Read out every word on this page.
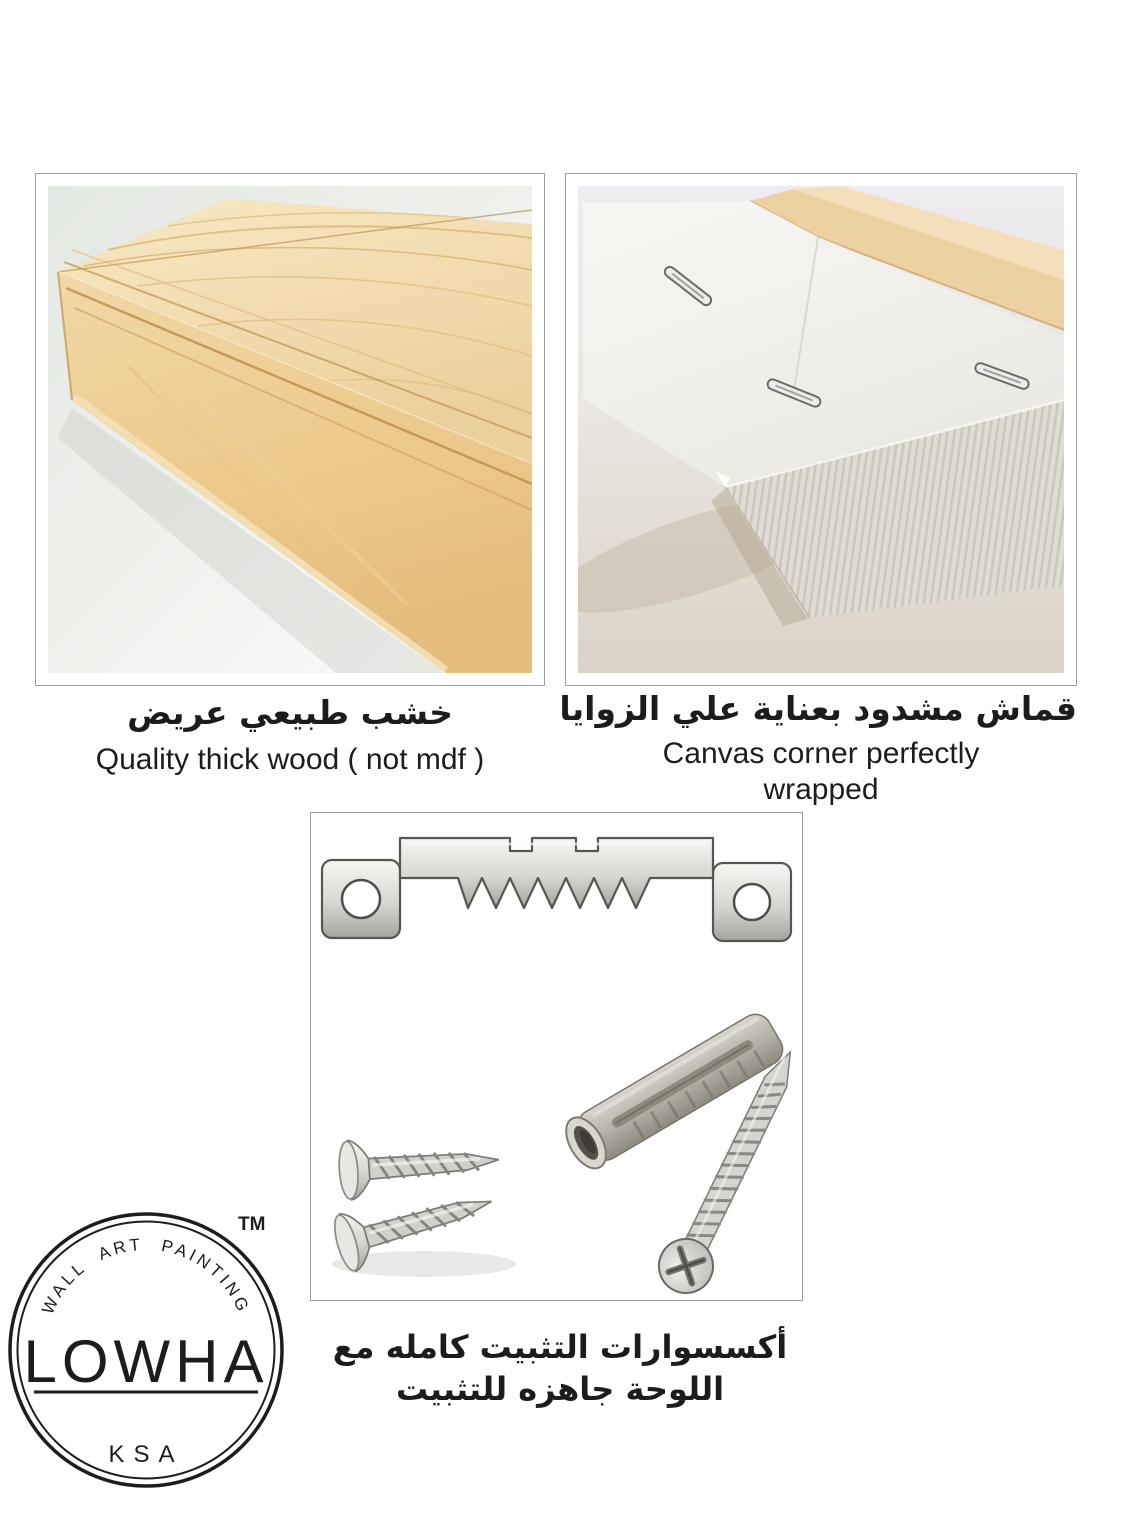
خشب طبيعي عريض
Quality thick wood ( not mdf )
قماش مشدود بعناية علي الزوايا
Canvas corner perfectly wrapped
أكسسوارات التثبيت كامله مع
اللوحة جاهزه للتثبيت
WALL ART PAINTING
LOWHA
KSA
TM
